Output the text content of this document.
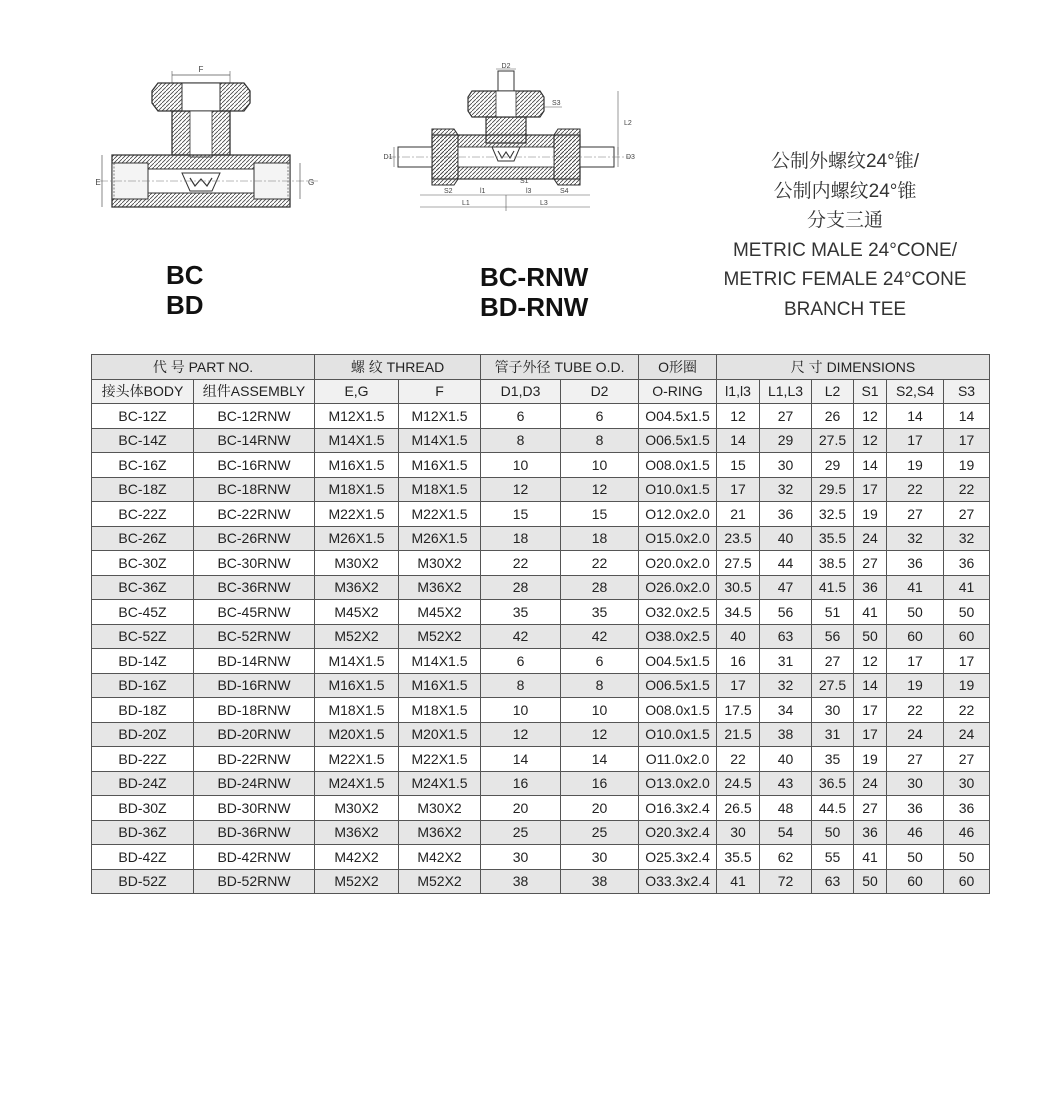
F
E	G
D2
S3
L2
D1	D3
S2	l1
S1
l3	S4
L1	L3
BC
BD
BC-RNW
BD-RNW
公制外螺纹24°锥/
公制内螺纹24°锥
分支三通
METRIC MALE 24°CONE/
METRIC FEMALE 24°CONE
BRANCH TEE
代 号 PART NO.		螺 纹 THREAD		管子外径 TUBE O.D.		O形圈	尺 寸 DIMENSIONS					
接头体BODY	组件ASSEMBLY	E,G	F	D1,D3	D2	O-RING	l1,l3	L1,L3	L2	S1	S2,S4	S3
BC-12Z	BC-12RNW	M12X1.5	M12X1.5	6	6	O04.5x1.5	12	27	26	12	14	14
BC-14Z	BC-14RNW	M14X1.5	M14X1.5	8	8	O06.5x1.5	14	29	27.5	12	17	17
BC-16Z	BC-16RNW	M16X1.5	M16X1.5	10	10	O08.0x1.5	15	30	29	14	19	19
BC-18Z	BC-18RNW	M18X1.5	M18X1.5	12	12	O10.0x1.5	17	32	29.5	17	22	22
BC-22Z	BC-22RNW	M22X1.5	M22X1.5	15	15	O12.0x2.0	21	36	32.5	19	27	27
BC-26Z	BC-26RNW	M26X1.5	M26X1.5	18	18	O15.0x2.0	23.5	40	35.5	24	32	32
BC-30Z	BC-30RNW	M30X2	M30X2	22	22	O20.0x2.0	27.5	44	38.5	27	36	36
BC-36Z	BC-36RNW	M36X2	M36X2	28	28	O26.0x2.0	30.5	47	41.5	36	41	41
BC-45Z	BC-45RNW	M45X2	M45X2	35	35	O32.0x2.5	34.5	56	51	41	50	50
BC-52Z	BC-52RNW	M52X2	M52X2	42	42	O38.0x2.5	40	63	56	50	60	60
BD-14Z	BD-14RNW	M14X1.5	M14X1.5	6	6	O04.5x1.5	16	31	27	12	17	17
BD-16Z	BD-16RNW	M16X1.5	M16X1.5	8	8	O06.5x1.5	17	32	27.5	14	19	19
BD-18Z	BD-18RNW	M18X1.5	M18X1.5	10	10	O08.0x1.5	17.5	34	30	17	22	22
BD-20Z	BD-20RNW	M20X1.5	M20X1.5	12	12	O10.0x1.5	21.5	38	31	17	24	24
BD-22Z	BD-22RNW	M22X1.5	M22X1.5	14	14	O11.0x2.0	22	40	35	19	27	27
BD-24Z	BD-24RNW	M24X1.5	M24X1.5	16	16	O13.0x2.0	24.5	43	36.5	24	30	30
BD-30Z	BD-30RNW	M30X2	M30X2	20	20	O16.3x2.4	26.5	48	44.5	27	36	36
BD-36Z	BD-36RNW	M36X2	M36X2	25	25	O20.3x2.4	30	54	50	36	46	46
BD-42Z	BD-42RNW	M42X2	M42X2	30	30	O25.3x2.4	35.5	62	55	41	50	50
BD-52Z	BD-52RNW	M52X2	M52X2	38	38	O33.3x2.4	41	72	63	50	60	60
